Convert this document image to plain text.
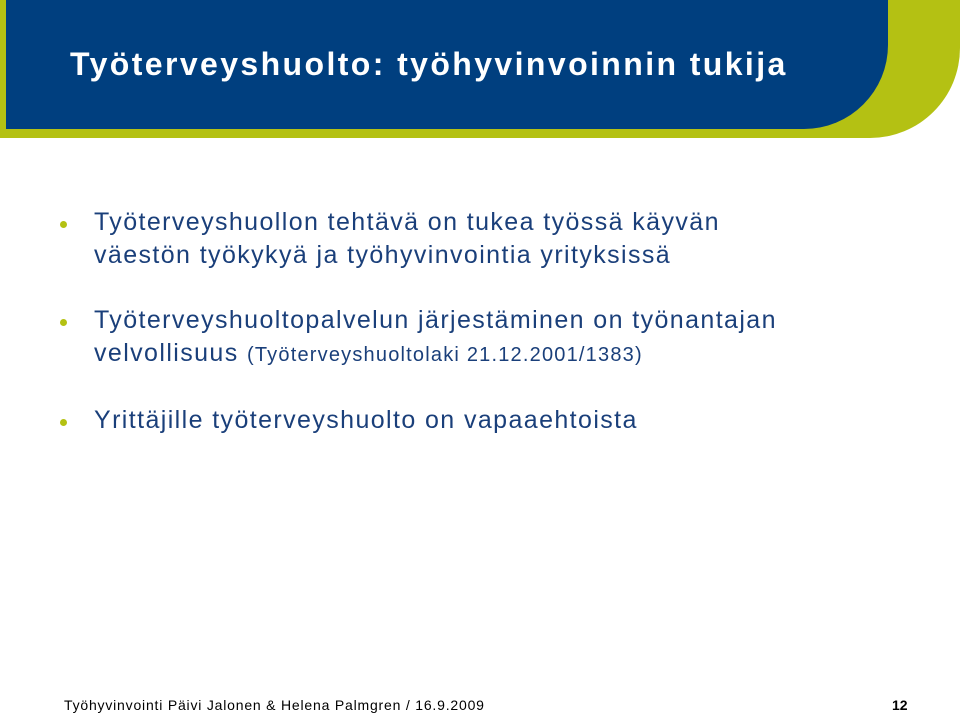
Työterveyshuolto: työhyvinvoinnin tukija
Työterveyshuollon tehtävä on tukea työssä käyvän
väestön työkykyä ja työhyvinvointia yrityksissä
Työterveyshuoltopalvelun järjestäminen on työnantajan
velvollisuus (Työterveyshuoltolaki 21.12.2001/1383)
Yrittäjille työterveyshuolto on vapaaehtoista
Työhyvinvointi Päivi Jalonen & Helena Palmgren / 16.9.2009	12
